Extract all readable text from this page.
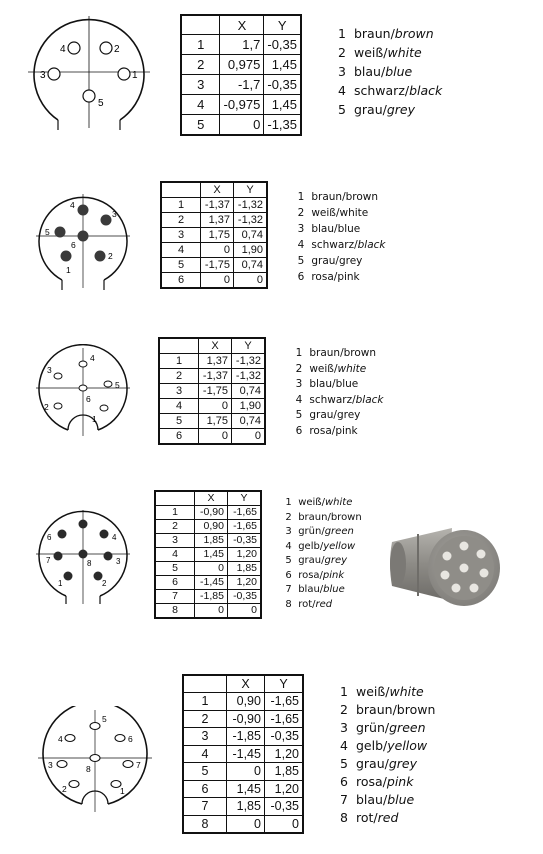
4	2
3	1
5
	X	Y
1	1,7	-0,35
2	0,975	1,45
3	-1,7	-0,35
4	-0,975	1,45
5	0	-1,35
1 braun/brown
2 weiß/white
3 blau/blue
4 schwarz/black
5 grau/grey
4
3
5
6
1
2
	X	Y
1	-1,37	-1,32
2	1,37	-1,32
3	1,75	0,74
4	0	1,90
5	-1,75	0,74
6	0	0
1 braun/brown
2 weiß/white
3 blau/blue
4 schwarz/black
5 grau/grey
6 rosa/pink
4
3
5
6
2
1
	X	Y
1	1,37	-1,32
2	-1,37	-1,32
3	-1,75	0,74
4	0	1,90
5	1,75	0,74
6	0	0
1 braun/brown
2 weiß/white
3 blau/blue
4 schwarz/black
5 grau/grey
6 rosa/pink
6	4
7	8	3
1	2
	X	Y
1	-0,90	-1,65
2	0,90	-1,65
3	1,85	-0,35
4	1,45	1,20
5	0	1,85
6	-1,45	1,20
7	-1,85	-0,35
8	0	0
1 weiß/white
2 braun/brown
3 grün/green
4 gelb/yellow
5 grau/grey
6 rosa/pink
7 blau/blue
8 rot/red
5
4	6
3	8	7
2	1
	X	Y
1	0,90	-1,65
2	-0,90	-1,65
3	-1,85	-0,35
4	-1,45	1,20
5	0	1,85
6	1,45	1,20
7	1,85	-0,35
8	0	0
1 weiß/white
2 braun/brown
3 grün/green
4 gelb/yellow
5 grau/grey
6 rosa/pink
7 blau/blue
8 rot/red
